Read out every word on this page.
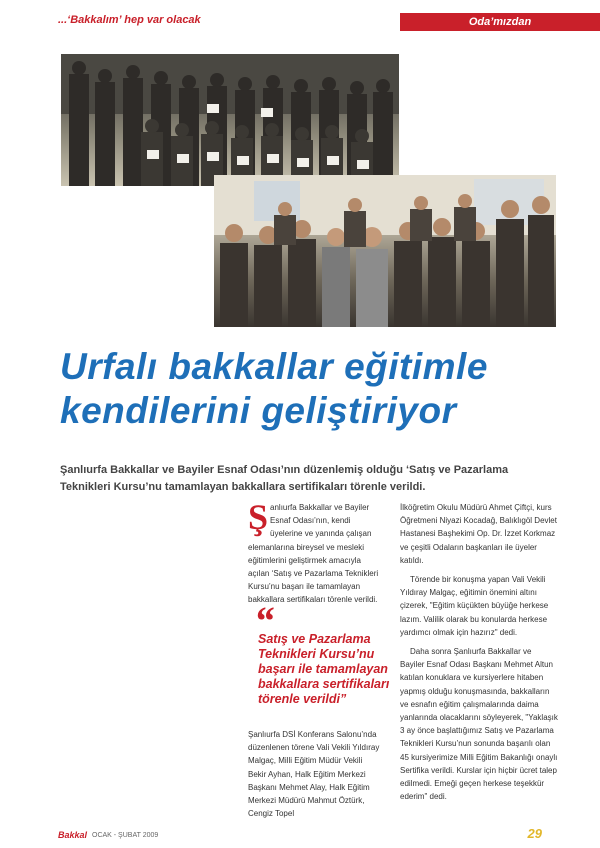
...‘Bakkalım’ hep var olacak	Oda’mızdan
Urfalı bakkallar eğitimle kendilerini geliştiriyor

Şanlıurfa Bakkallar ve Bayiler Esnaf Odası’nın düzenlemiş olduğu ‘Satış ve Pazarlama Teknikleri Kursu’nu tamamlayan bakkallara sertifikaları törenle verildi.

Şanlıurfa Bakkallar ve Bayiler Esnaf Odası’nın, kendi üyelerine ve yanında çalışan elemanlarına bireysel ve mesleki eğitimlerini geliştirmek amacıyla açılan ‘Satış ve Pazarlama Teknikleri Kursu’nu başarı ile tamamlayan bakkallara sertifikaları törenle verildi.

“

Satış ve Pazarlama Teknikleri Kursu’nu başarı ile tamamlayan bakkallara sertifikaları törenle verildi”

Şanlıurfa DSİ Konferans Salonu’nda düzenlenen törene Vali Vekili Yıldıray Malgaç, Milli Eğitim Müdür Vekili Bekir Ayhan, Halk Eğitim Merkezi Başkanı Mehmet Alay, Halk Eğitim Merkezi Müdürü Mahmut Öztürk, Cengiz Topel

İlköğretim Okulu Müdürü Ahmet Çiftçi, kurs Öğretmeni Niyazi Kocadağ, Balıklıgöl Devlet Hastanesi Başhekimi Op. Dr. İzzet Korkmaz ve çeşitli Odaların başkanları ile üyeler katıldı.

Törende bir konuşma yapan Vali Vekili Yıldıray Malgaç, eğitimin önemini altını çizerek, "Eğitim küçükten büyüğe herkese lazım. Valilik olarak bu konularda herkese yardımcı olmak için hazırız" dedi.

Daha sonra Şanlıurfa Bakkallar ve Bayiler Esnaf Odası Başkanı Mehmet Altun katılan konuklara ve kursiyerlere hitaben yapmış olduğu konuşmasında, bakkalların ve esnafın eğitim çalışmalarında daima yanlarında olacaklarını söyleyerek, "Yaklaşık 3 ay önce başlattığımız Satış ve Pazarlama Teknikleri Kursu’nun sonunda başarılı olan 45 kursiyerimize Milli Eğitim Bakanlığı onaylı Sertifika verildi. Kurslar için hiçbir ücret talep edilmedi. Emeği geçen herkese teşekkür ederim" dedi.

Bakkal OCAK - ŞUBAT 2009	29
